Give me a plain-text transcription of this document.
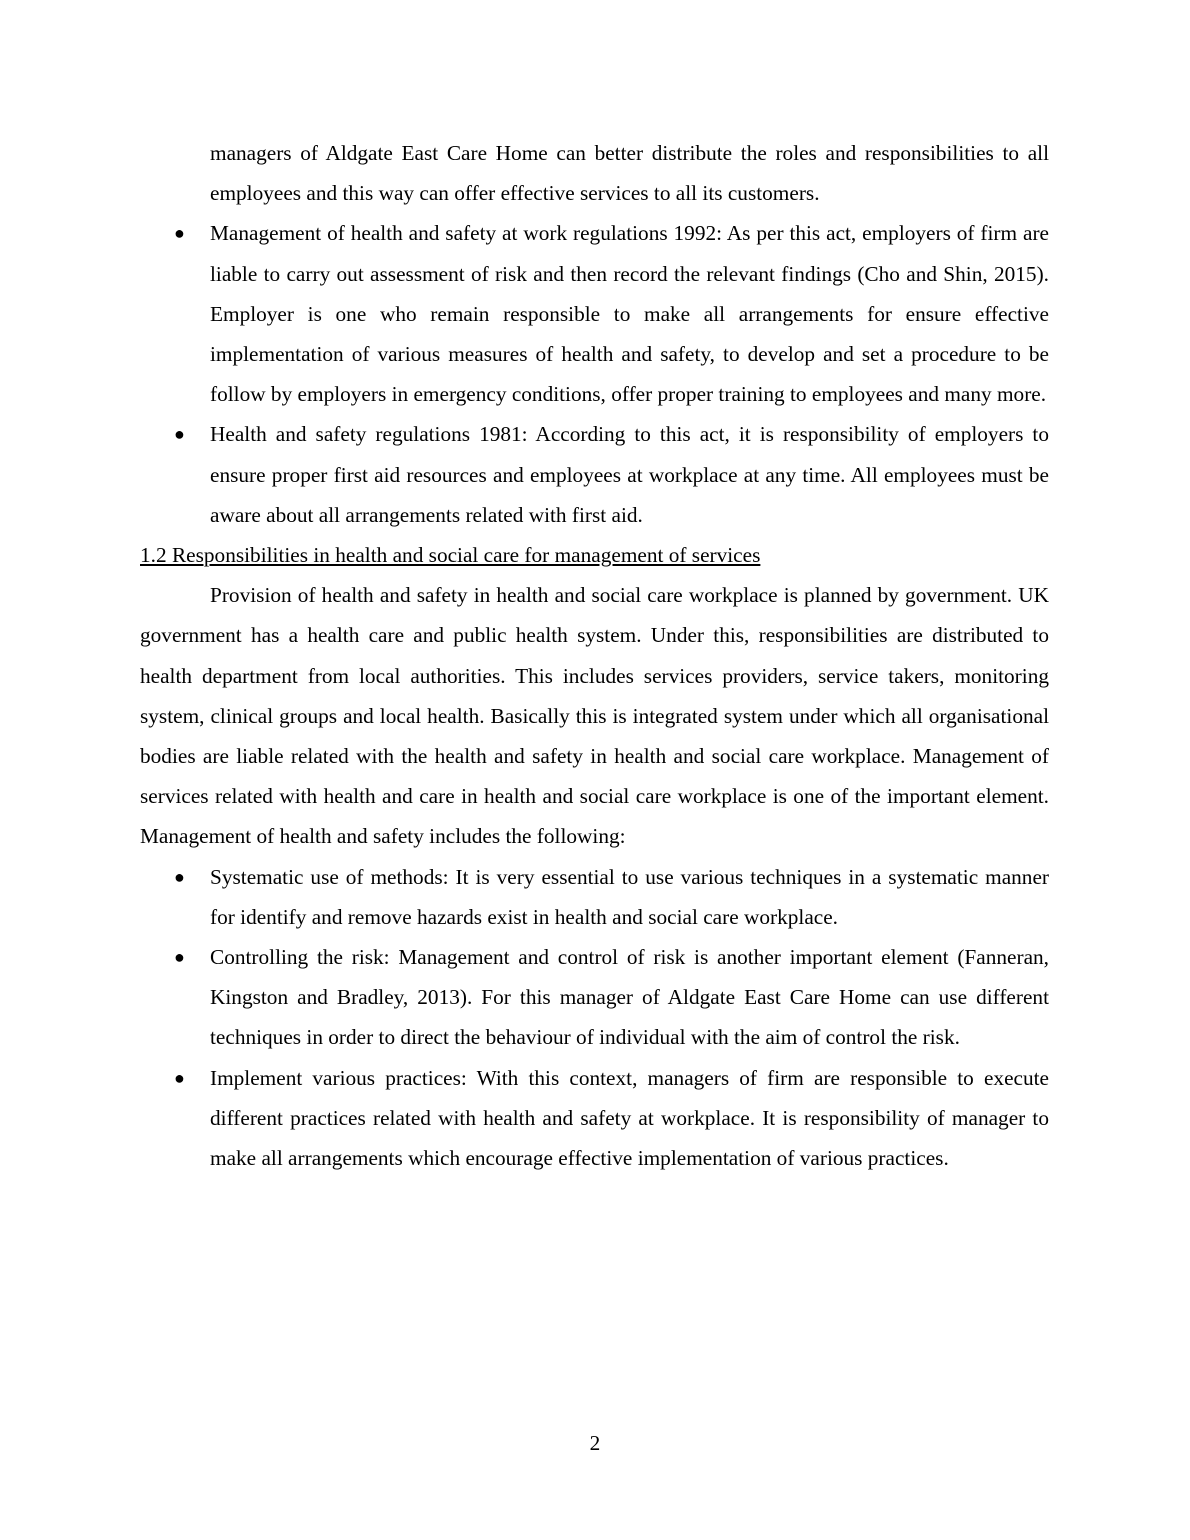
managers of Aldgate East Care Home can better distribute the roles and responsibilities to all employees and this way can offer effective services to all its customers.

●	Management of health and safety at work regulations 1992: As per this act, employers of firm are liable to carry out assessment of risk and then record the relevant findings (Cho and Shin, 2015). Employer is one who remain responsible to make all arrangements for ensure effective implementation of various measures of health and safety, to develop and set a procedure to be follow by employers in emergency conditions, offer proper training to employees and many more.
●	Health and safety regulations 1981: According to this act, it is responsibility of employers to ensure proper first aid resources and employees at workplace at any time. All employees must be aware about all arrangements related with first aid.

1.2 Responsibilities in health and social care for management of services

Provision of health and safety in health and social care workplace is planned by government. UK government has a health care and public health system. Under this, responsibilities are distributed to health department from local authorities. This includes services providers, service takers, monitoring system, clinical groups and local health. Basically this is integrated system under which all organisational bodies are liable related with the health and safety in health and social care workplace. Management of services related with health and care in health and social care workplace is one of the important element. Management of health and safety includes the following:

●	Systematic use of methods: It is very essential to use various techniques in a systematic manner for identify and remove hazards exist in health and social care workplace.
●	Controlling the risk: Management and control of risk is another important element (Fanneran, Kingston and Bradley, 2013). For this manager of Aldgate East Care Home can use different techniques in order to direct the behaviour of individual with the aim of control the risk.
●	Implement various practices: With this context, managers of firm are responsible to execute different practices related with health and safety at workplace. It is responsibility of manager to make all arrangements which encourage effective implementation of various practices.
2
